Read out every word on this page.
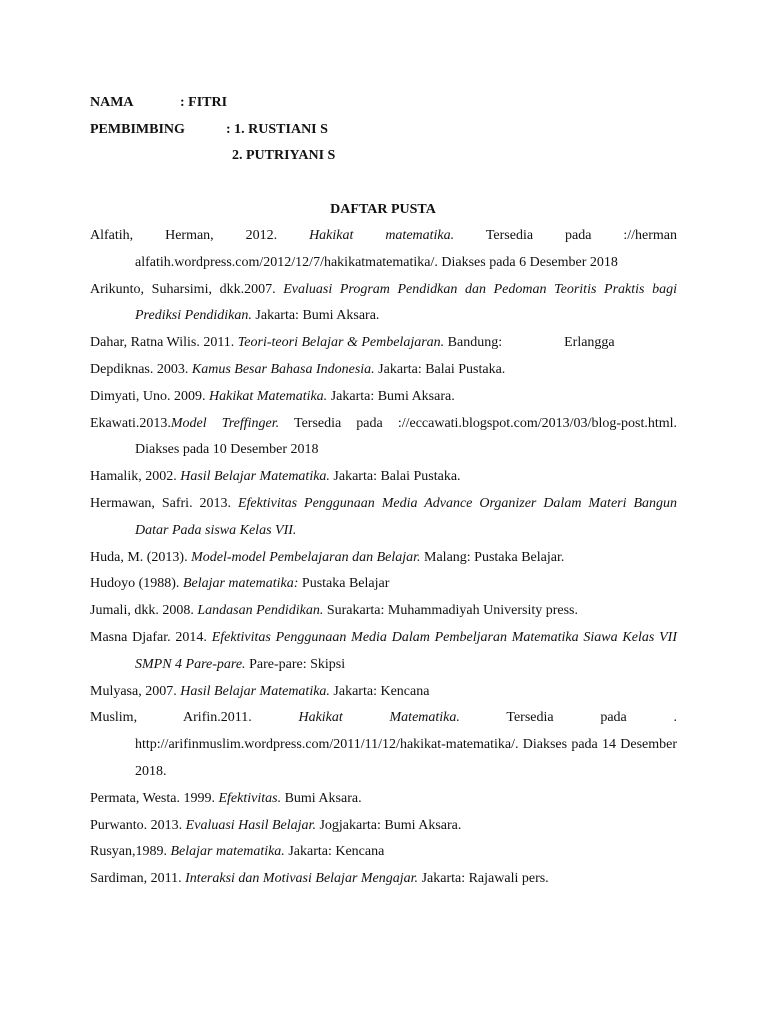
NAMA	: FITRI
PEMBIMBING	: 1. RUSTIANI S
2. PUTRIYANI S
DAFTAR PUSTA

Alfatih, Herman, 2012. Hakikat matematika. Tersedia pada ://herman alfatih.wordpress.com/2012/12/7/hakikatmatematika/. Diakses pada 6 Desember 2018

Arikunto, Suharsimi, dkk.2007. Evaluasi Program Pendidkan dan Pedoman Teoritis Praktis bagi Prediksi Pendidikan. Jakarta: Bumi Aksara.

Dahar, Ratna Wilis. 2011. Teori-teori Belajar & Pembelajaran. Bandung:	Erlangga

Depdiknas. 2003. Kamus Besar Bahasa Indonesia. Jakarta: Balai Pustaka.

Dimyati, Uno. 2009. Hakikat Matematika. Jakarta: Bumi Aksara.

Ekawati.2013.Model Treffinger. Tersedia pada ://eccawati.blogspot.com/2013/03/blog-post.html. Diakses pada 10 Desember 2018

Hamalik, 2002. Hasil Belajar Matematika. Jakarta: Balai Pustaka.

Hermawan, Safri. 2013. Efektivitas Penggunaan Media Advance Organizer Dalam Materi Bangun Datar Pada siswa Kelas VII.

Huda, M. (2013). Model-model Pembelajaran dan Belajar. Malang: Pustaka Belajar.

Hudoyo (1988). Belajar matematika: Pustaka Belajar

Jumali, dkk. 2008. Landasan Pendidikan. Surakarta: Muhammadiyah University press.

Masna Djafar. 2014. Efektivitas Penggunaan Media Dalam Pembeljaran Matematika Siawa Kelas VII SMPN 4 Pare-pare. Pare-pare: Skipsi

Mulyasa, 2007. Hasil Belajar Matematika. Jakarta: Kencana

Muslim, Arifin.2011. Hakikat Matematika. Tersedia pada . http://arifinmuslim.wordpress.com/2011/11/12/hakikat-matematika/. Diakses pada 14 Desember 2018.

Permata, Westa. 1999. Efektivitas. Bumi Aksara.

Purwanto. 2013. Evaluasi Hasil Belajar. Jogjakarta: Bumi Aksara.

Rusyan,1989. Belajar matematika. Jakarta: Kencana

Sardiman, 2011. Interaksi dan Motivasi Belajar Mengajar. Jakarta: Rajawali pers.
